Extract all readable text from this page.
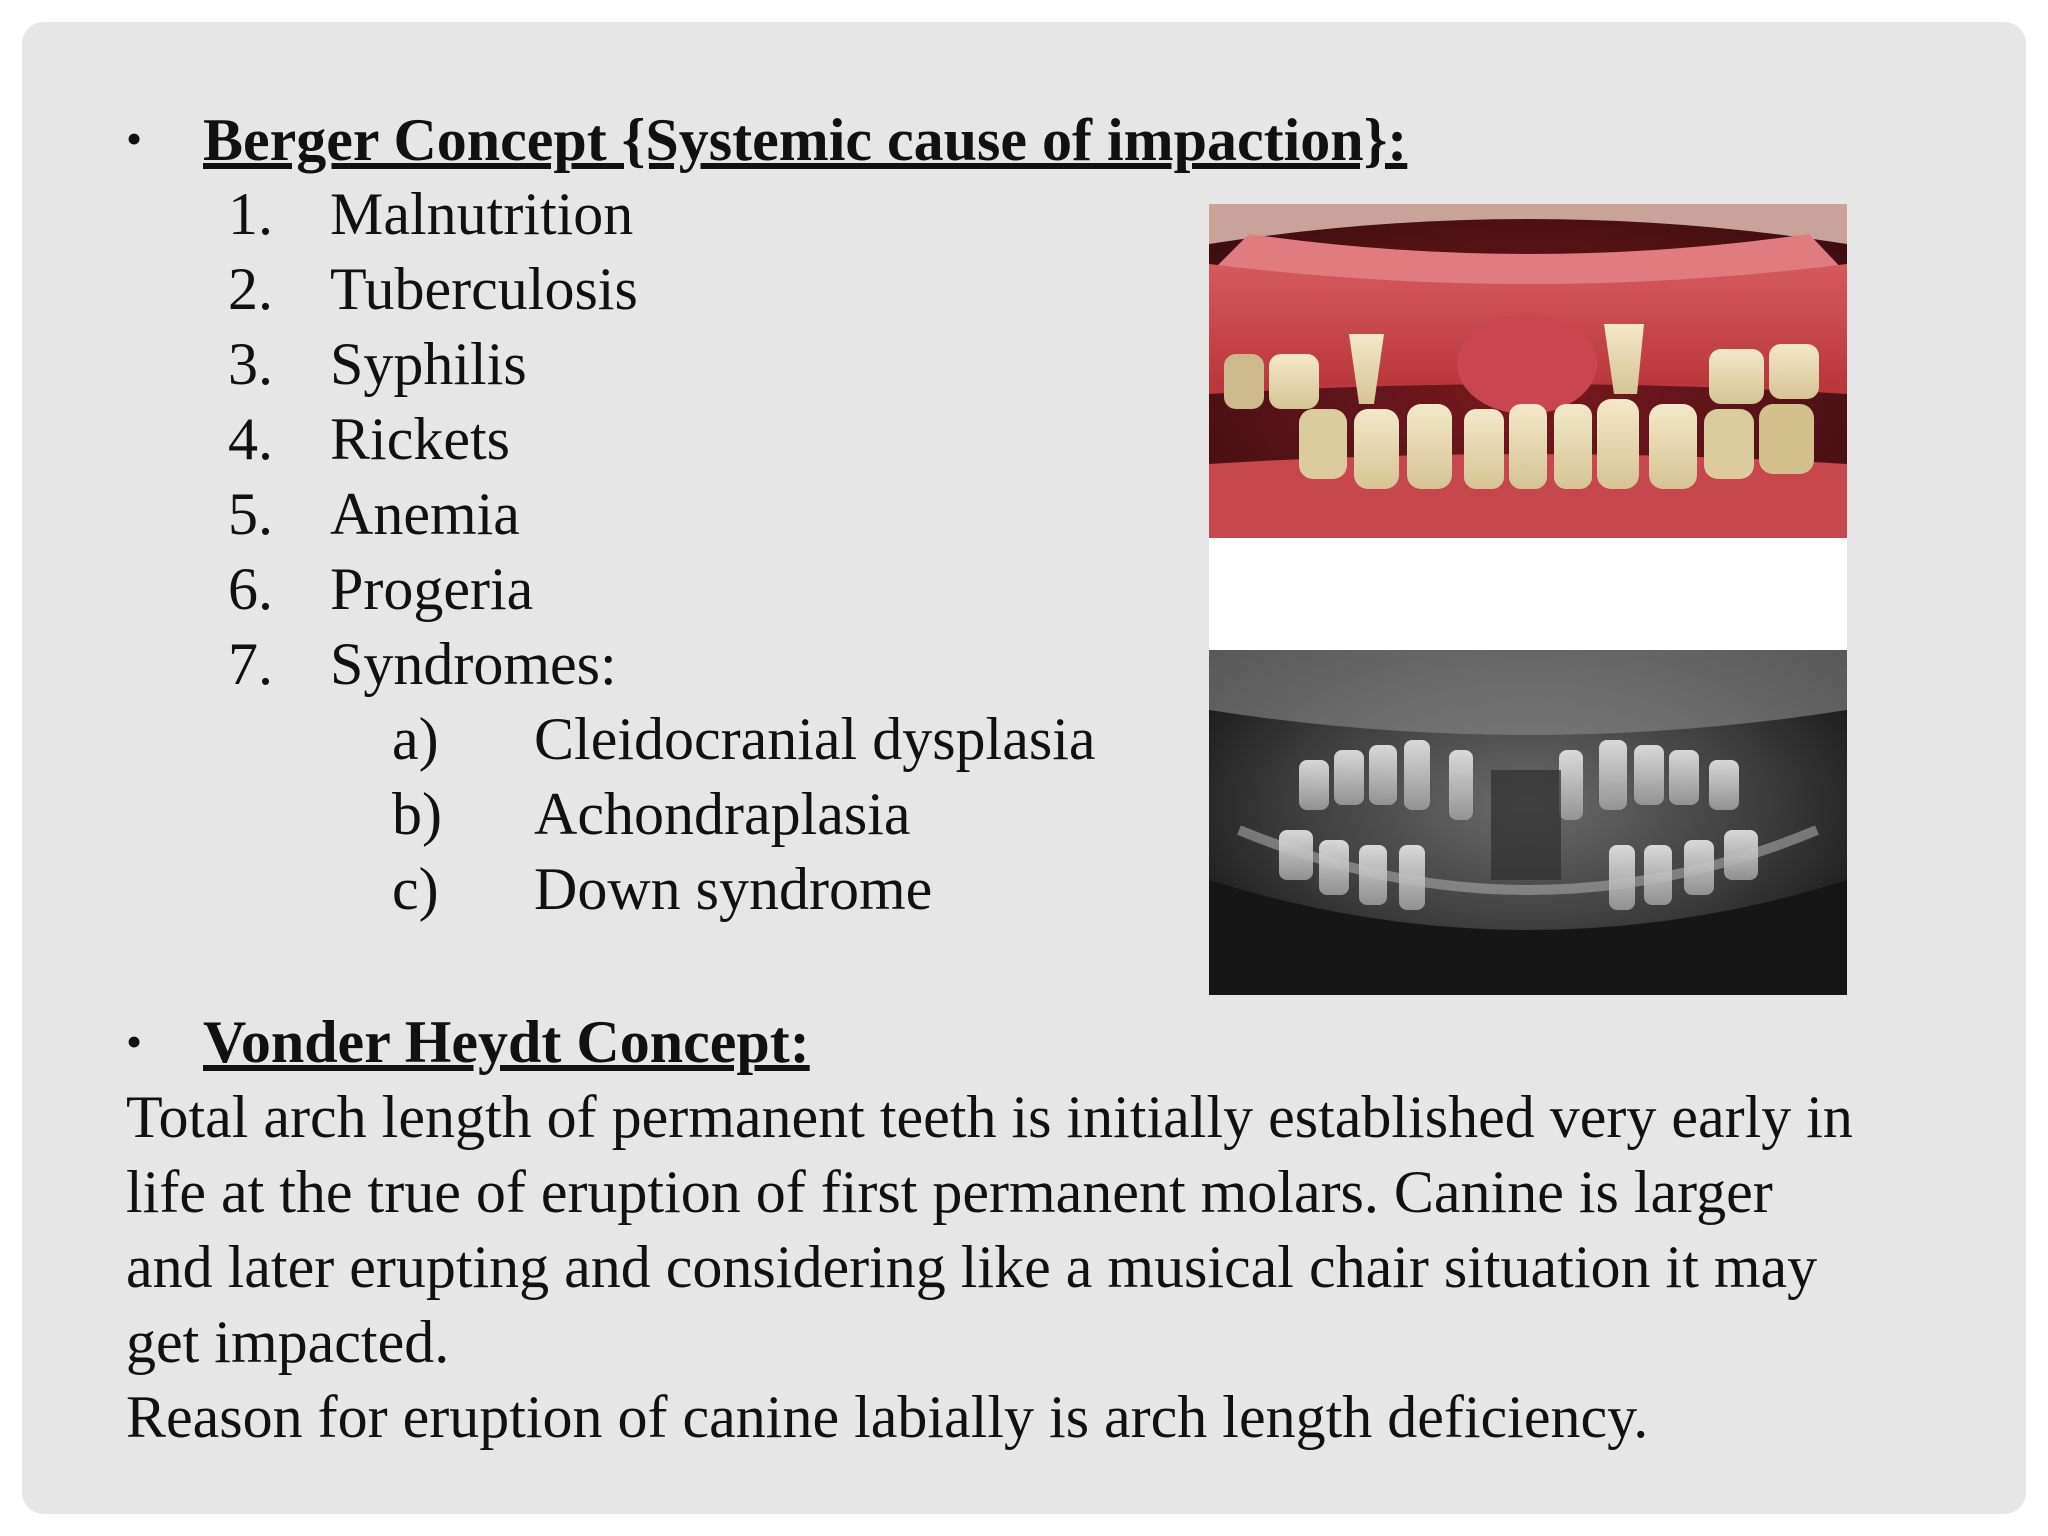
• Berger Concept {Systemic cause of impaction}:
1. Malnutrition
2. Tuberculosis
3. Syphilis
4. Rickets
5. Anemia
6. Progeria
7. Syndromes:
a) Cleidocranial dysplasia
b) Achondraplasia
c) Down syndrome
• Vonder Heydt Concept:
Total arch length of permanent teeth is initially established very early in
life at the true of eruption of first permanent molars. Canine is larger
and later erupting and considering like a musical chair situation it may
get impacted.
Reason for eruption of canine labially is arch length deficiency.
